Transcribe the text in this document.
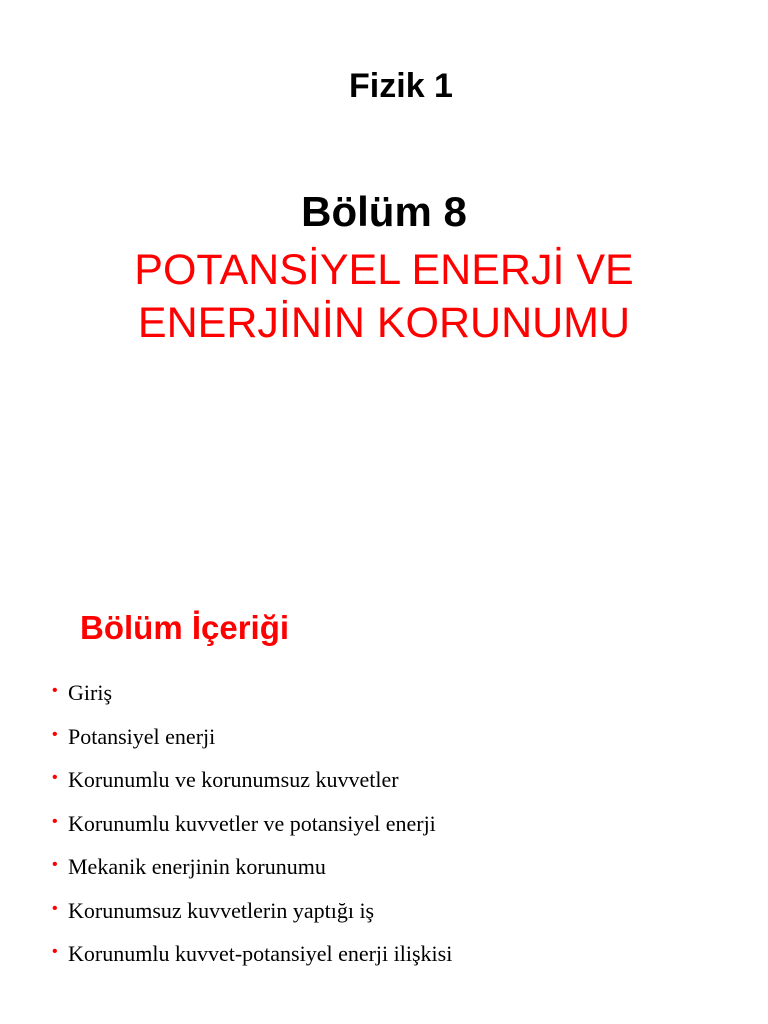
Fizik 1
Bölüm 8
POTANSİYEL ENERJİ VE
ENERJİNİN KORUNUMU
Bölüm İçeriği
• Giriş
• Potansiyel enerji
• Korunumlu ve korunumsuz kuvvetler
• Korunumlu kuvvetler ve potansiyel enerji
• Mekanik enerjinin korunumu
• Korunumsuz kuvvetlerin yaptığı iş
• Korunumlu kuvvet-potansiyel enerji ilişkisi
